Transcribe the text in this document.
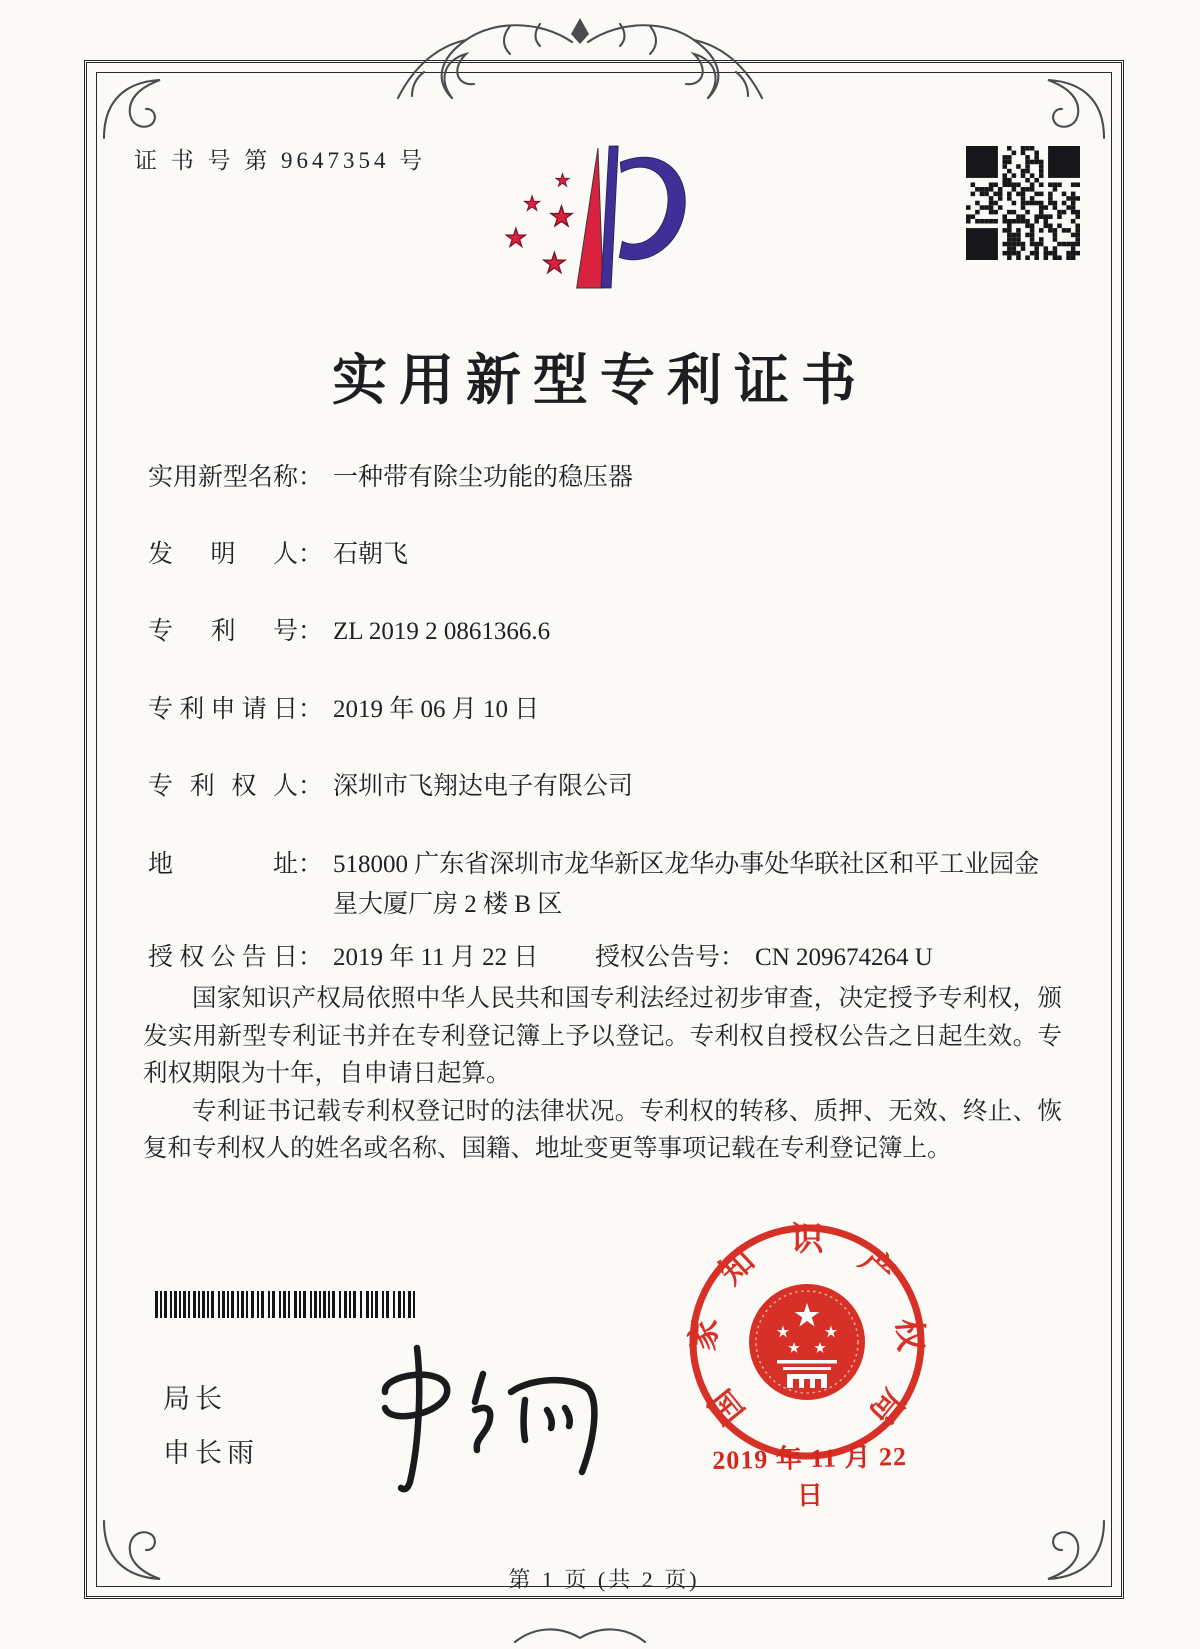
证 书 号 第 9647354 号
实用新型专利证书
实用新型名称 ： 一种带有除尘功能的稳压器
发明人 ： 石朝飞
专利号 ： ZL 2019 2 0861366.6
专利申请日 ： 2019 年 06 月 10 日
专利权人 ： 深圳市飞翔达电子有限公司
地址 ： 518000 广东省深圳市龙华新区龙华办事处华联社区和平工业园金星大厦厂房 2 楼 B 区
授权公告日 ： 2019 年 11 月 22 日 授权公告号 ： CN 209674264 U

国家知识产权局依照中华人民共和国专利法经过初步审查，决定授予专利权，颁发实用新型专利证书并在专利登记簿上予以登记。专利权自授权公告之日起生效。专利权期限为十年，自申请日起算。

专利证书记载专利权登记时的法律状况。专利权的转移、质押、无效、终止、恢复和专利权人的姓名或名称、国籍、地址变更等事项记载在专利登记簿上。

局长
申长雨
国
家
知
识
产
权
局
2019 年 11 月 22 日
第 1 页 (共 2 页)
